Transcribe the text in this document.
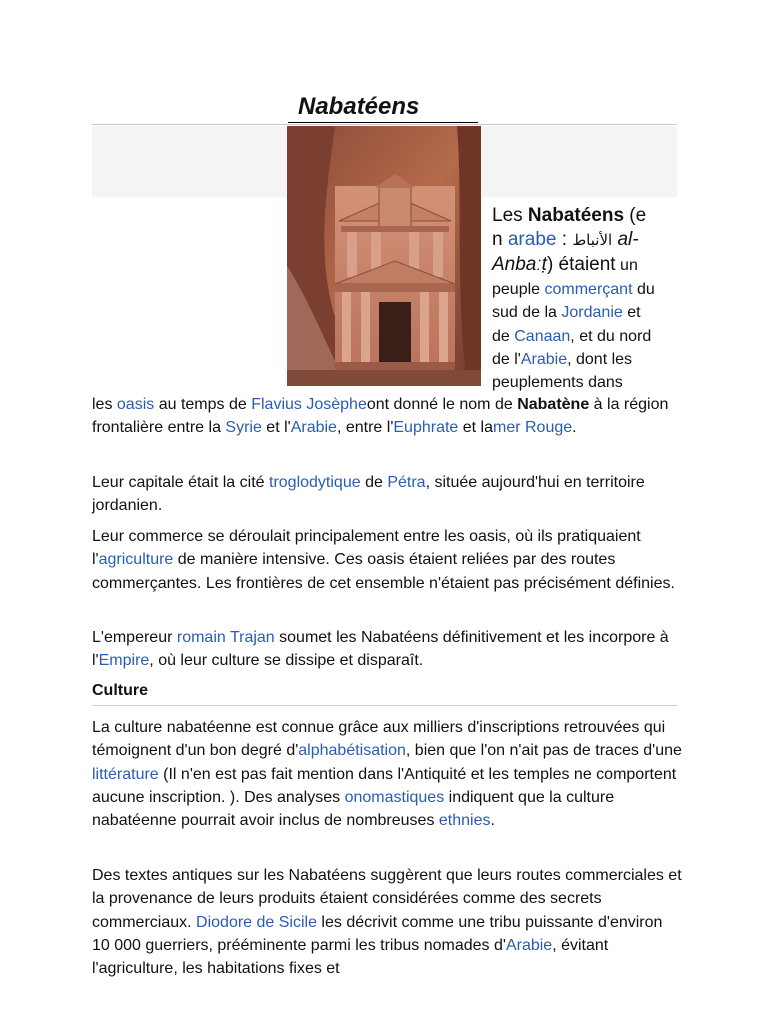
Nabatéens
Les Nabatéens (e
n arabe : الأنباط al-
Anbaːṭ) étaient un
peuple commerçant du
sud de la Jordanie et
de Canaan, et du nord
de l'Arabie, dont les
peuplements dans

les oasis au temps de Flavius Josèpheont donné le nom de Nabatène à la région frontalière entre la Syrie et l'Arabie, entre l'Euphrate et lamer Rouge.

Leur capitale était la cité troglodytique de Pétra, située aujourd'hui en territoire jordanien.

Leur commerce se déroulait principalement entre les oasis, où ils pratiquaient l'agriculture de manière intensive. Ces oasis étaient reliées par des routes commerçantes. Les frontières de cet ensemble n'étaient pas précisément définies.

L'empereur romain Trajan soumet les Nabatéens définitivement et les incorpore à l'Empire, où leur culture se dissipe et disparaît.

Culture

La culture nabatéenne est connue grâce aux milliers d'inscriptions retrouvées qui témoignent d'un bon degré d'alphabétisation, bien que l'on n'ait pas de traces d'une littérature (Il n'en est pas fait mention dans l'Antiquité et les temples ne comportent aucune inscription. ). Des analyses onomastiques indiquent que la culture nabatéenne pourrait avoir inclus de nombreuses ethnies.

Des textes antiques sur les Nabatéens suggèrent que leurs routes commerciales et la provenance de leurs produits étaient considérées comme des secrets commerciaux. Diodore de Sicile les décrivit comme une tribu puissante d'environ 10 000 guerriers, prééminente parmi les tribus nomades d'Arabie, évitant l'agriculture, les habitations fixes et
